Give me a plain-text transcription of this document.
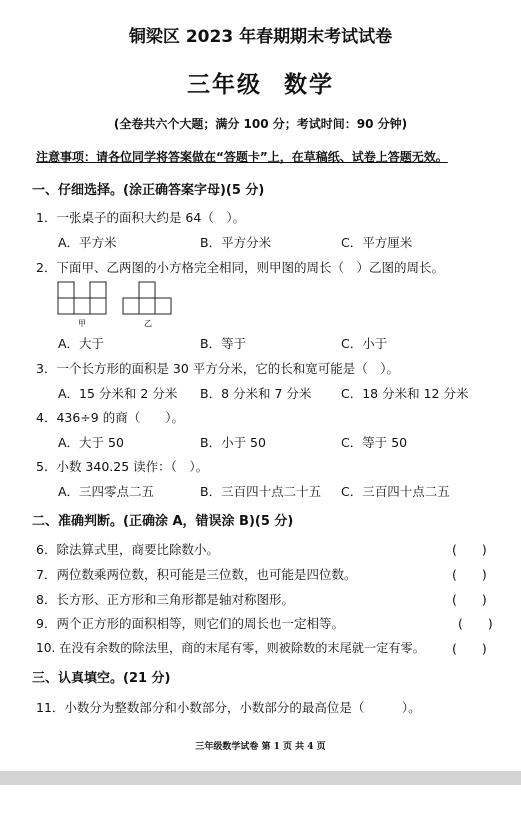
铜梁区 2023 年春期期末考试试卷
三年级 数学
(全卷共六个大题；满分 100 分；考试时间：90 分钟)
注意事项：请各位同学将答案做在“答题卡”上，在草稿纸、试卷上答题无效。
一、仔细选择。(涂正确答案字母)(5 分)
1．一张桌子的面积大约是 64（　）。
A．平方米	B．平方分米	C．平方厘米
2．下面甲、乙两图的小方格完全相同，则甲图的周长（　）乙图的周长。
甲	乙
A．大于	B．等于	C．小于
3．一个长方形的面积是 30 平方分米，它的长和宽可能是（　）。
A．15 分米和 2 分米 B．8 分米和 7 分米 C．18 分米和 12 分米
4．436÷9 的商（　　）。
A．大于 50	B．小于 50	C．等于 50
5．小数 340.25 读作：（　）。
A．三四零点二五	B．三百四十点二十五 C．三百四十点二五
二、准确判断。(正确涂 A，错误涂 B)(5 分)
6．除法算式里，商要比除数小。	(　　)
7．两位数乘两位数，积可能是三位数，也可能是四位数。	(　　)
8．长方形、正方形和三角形都是轴对称图形。	(　　)
9．两个正方形的面积相等，则它们的周长也一定相等。	(　　)
10. 在没有余数的除法里，商的末尾有零，则被除数的末尾就一定有零。 (　　)
三、认真填空。(21 分)
11．小数分为整数部分和小数部分，小数部分的最高位是（　　　）。
三年级数学试卷 第 1 页 共 4 页
